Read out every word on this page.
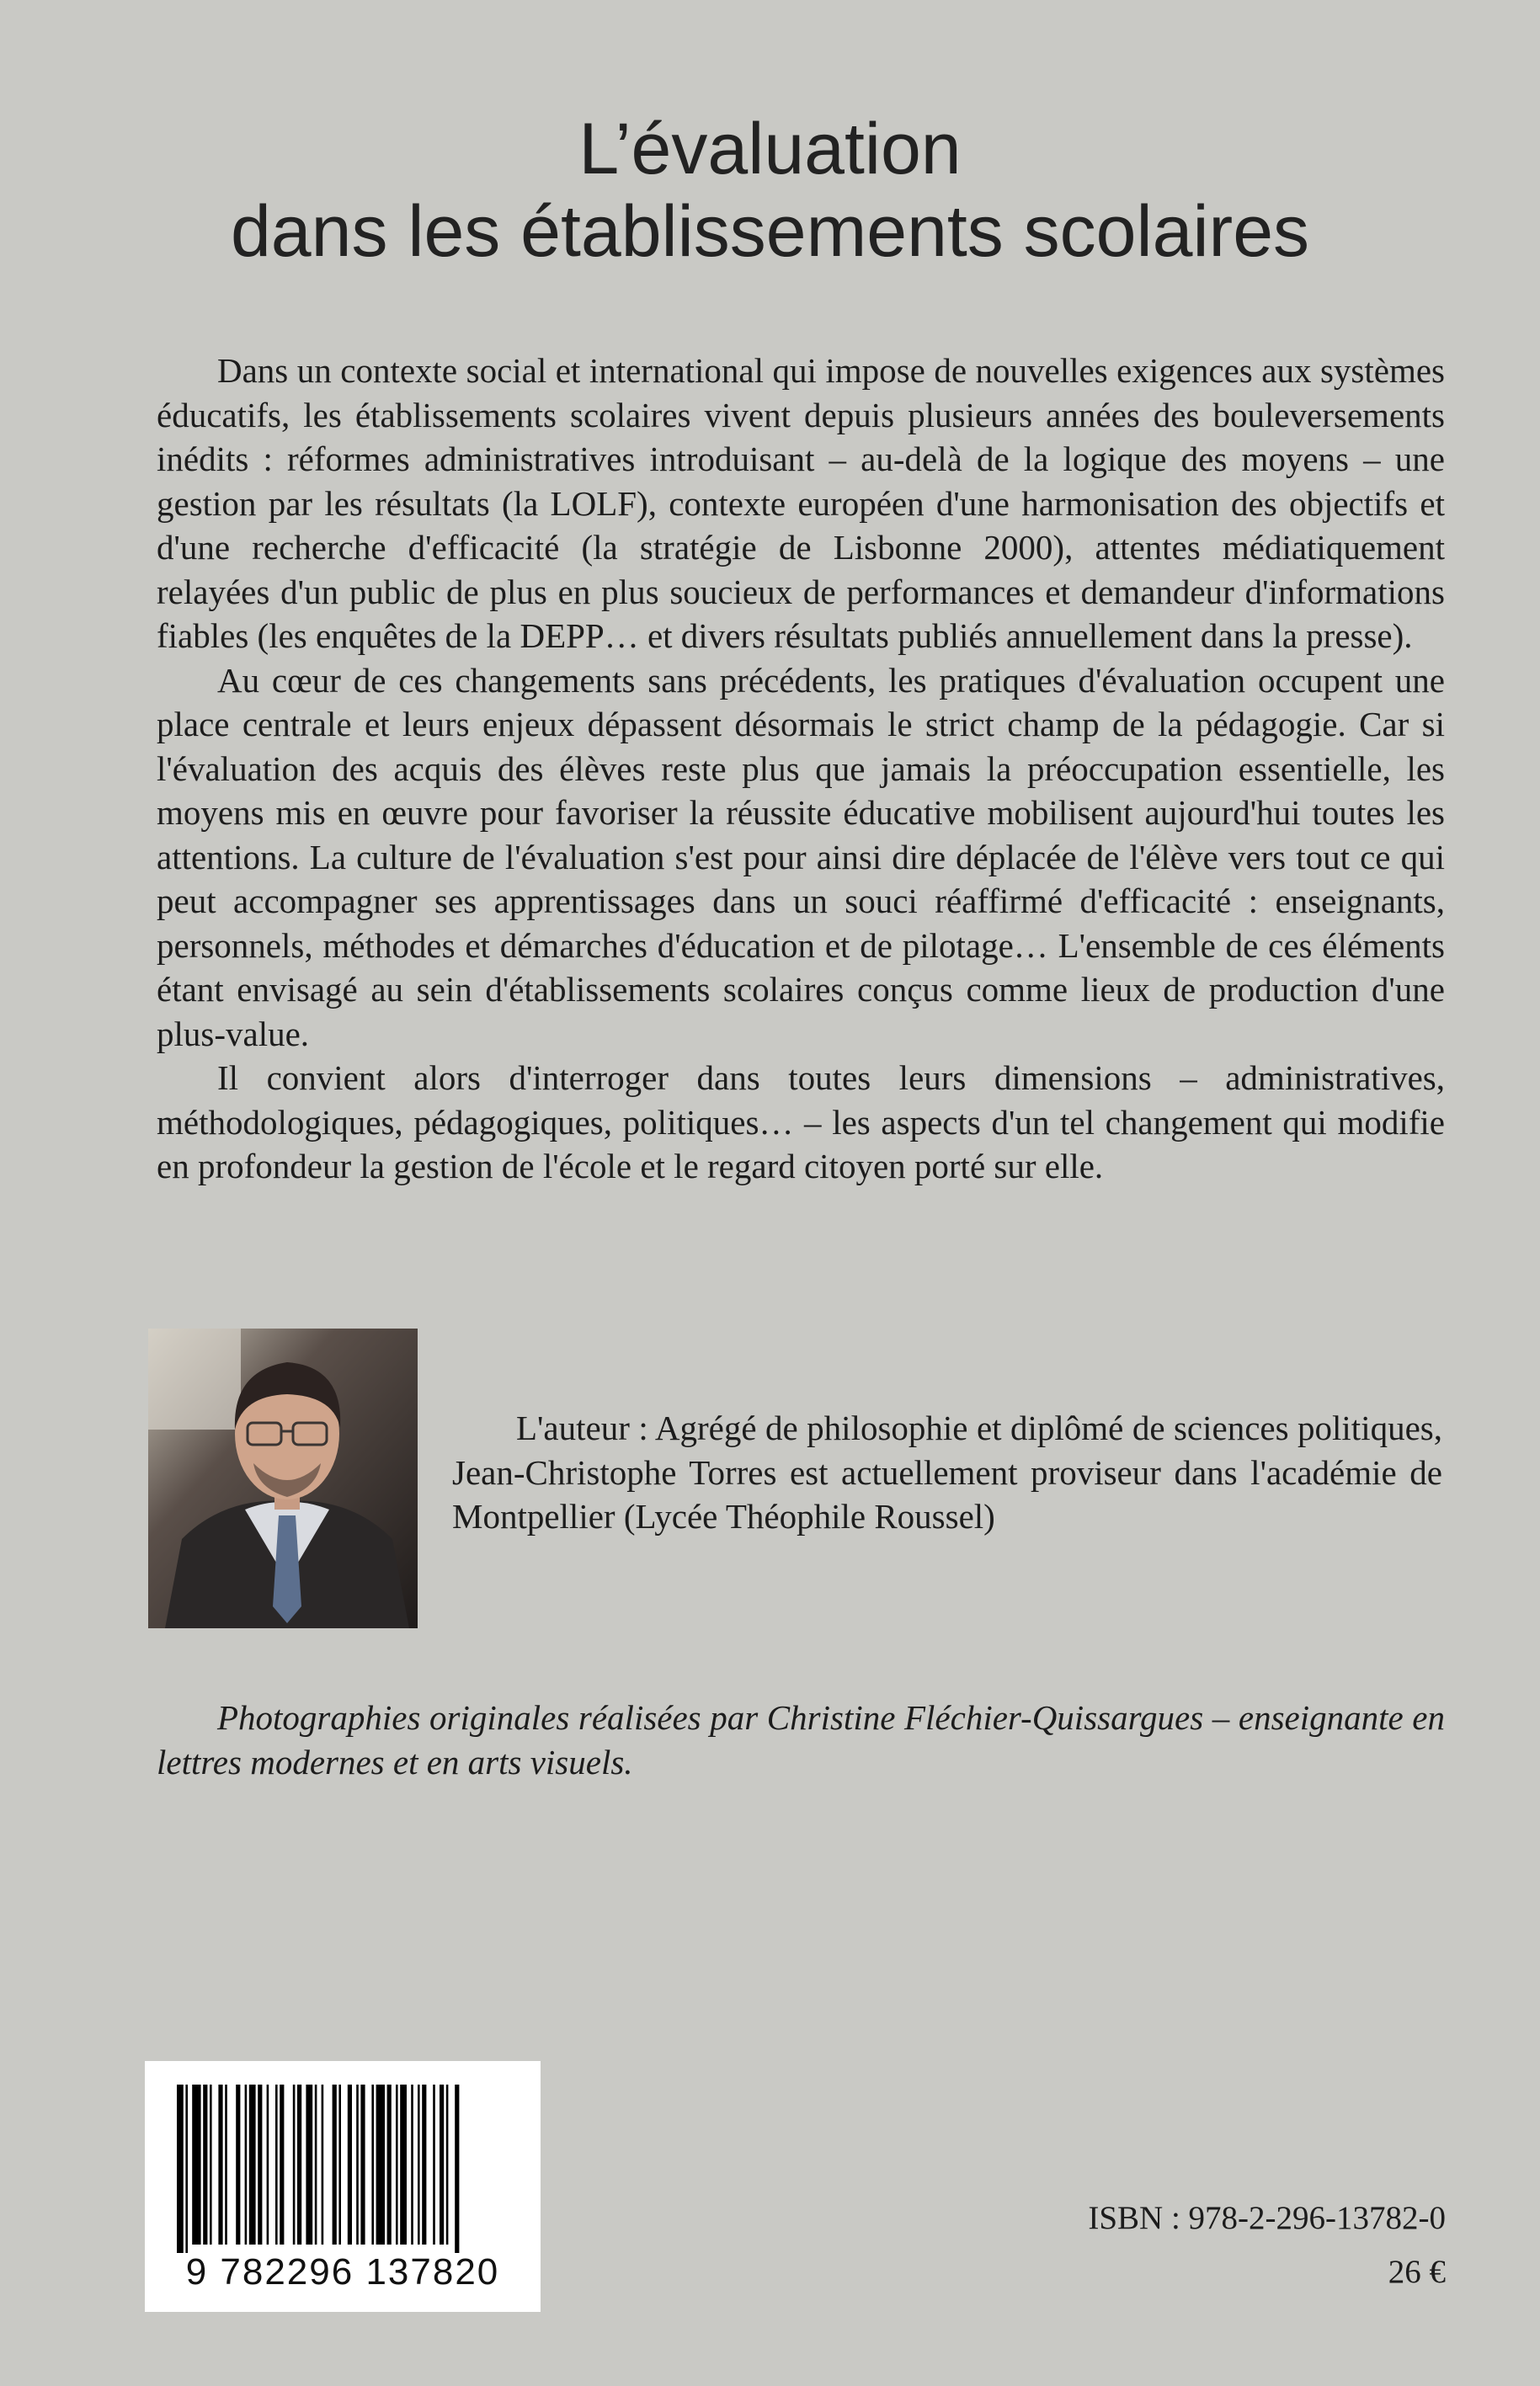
L’évaluation
dans les établissements scolaires

Dans un contexte social et international qui impose de nouvelles exigences aux systèmes éducatifs, les établissements scolaires vivent depuis plusieurs années des bouleversements inédits : réformes administratives introduisant – au-delà de la logique des moyens – une gestion par les résultats (la LOLF), contexte européen d'une harmonisation des objectifs et d'une recherche d'efficacité (la stratégie de Lisbonne 2000), attentes médiatiquement relayées d'un public de plus en plus soucieux de performances et demandeur d'informations fiables (les enquêtes de la DEPP… et divers résultats publiés annuellement dans la presse).

Au cœur de ces changements sans précédents, les pratiques d'évaluation occupent une place centrale et leurs enjeux dépassent désormais le strict champ de la pédagogie. Car si l'évaluation des acquis des élèves reste plus que jamais la préoccupation essentielle, les moyens mis en œuvre pour favoriser la réussite éducative mobilisent aujourd'hui toutes les attentions. La culture de l'évaluation s'est pour ainsi dire déplacée de l'élève vers tout ce qui peut accompagner ses apprentissages dans un souci réaffirmé d'efficacité : enseignants, personnels, méthodes et démarches d'éducation et de pilotage… L'ensemble de ces éléments étant envisagé au sein d'établissements scolaires conçus comme lieux de production d'une plus-value.

Il convient alors d'interroger dans toutes leurs dimensions – administratives, méthodologiques, pédagogiques, politiques… – les aspects d'un tel changement qui modifie en profondeur la gestion de l'école et le regard citoyen porté sur elle.

L'auteur : Agrégé de philosophie et diplômé de sciences politiques, Jean-Christophe Torres est actuellement proviseur dans l'académie de Montpellier (Lycée Théophile Roussel)
Photographies originales réalisées par Christine Fléchier-Quissargues – enseignante en lettres modernes et en arts visuels.
9 782296 137820
ISBN : 978-2-296-13782-0
26 €
